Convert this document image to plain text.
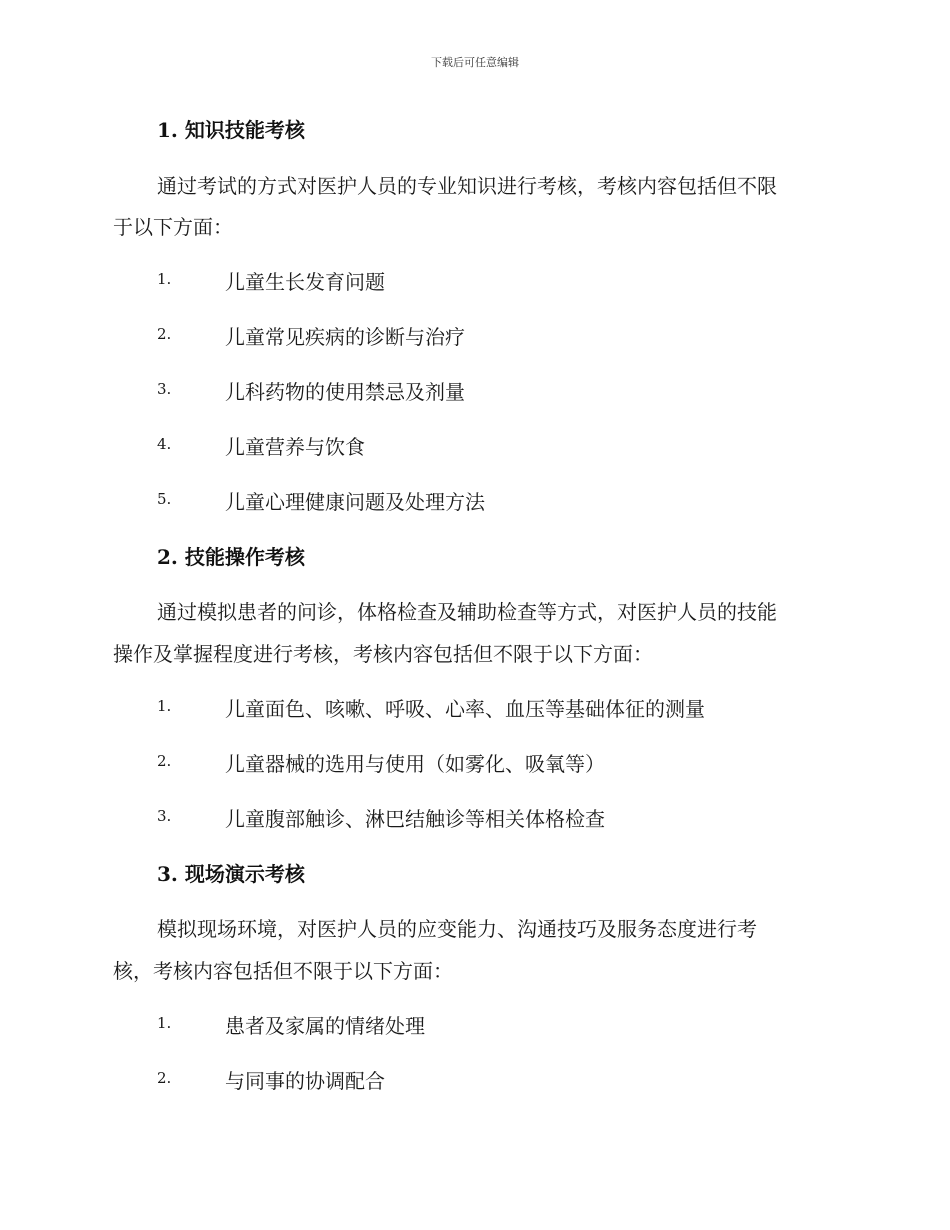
下载后可任意编辑
1. 知识技能考核
通过考试的方式对医护人员的专业知识进行考核，考核内容包括但不限
于以下方面：
1.	儿童生长发育问题
2.	儿童常见疾病的诊断与治疗
3.	儿科药物的使用禁忌及剂量
4.	儿童营养与饮食
5.	儿童心理健康问题及处理方法
2. 技能操作考核
通过模拟患者的问诊，体格检查及辅助检查等方式，对医护人员的技能
操作及掌握程度进行考核，考核内容包括但不限于以下方面：
1.	儿童面色、咳嗽、呼吸、心率、血压等基础体征的测量
2.	儿童器械的选用与使用（如雾化、吸氧等）
3.	儿童腹部触诊、淋巴结触诊等相关体格检查
3. 现场演示考核
模拟现场环境，对医护人员的应变能力、沟通技巧及服务态度进行考
核，考核内容包括但不限于以下方面：
1.	患者及家属的情绪处理
2.	与同事的协调配合
